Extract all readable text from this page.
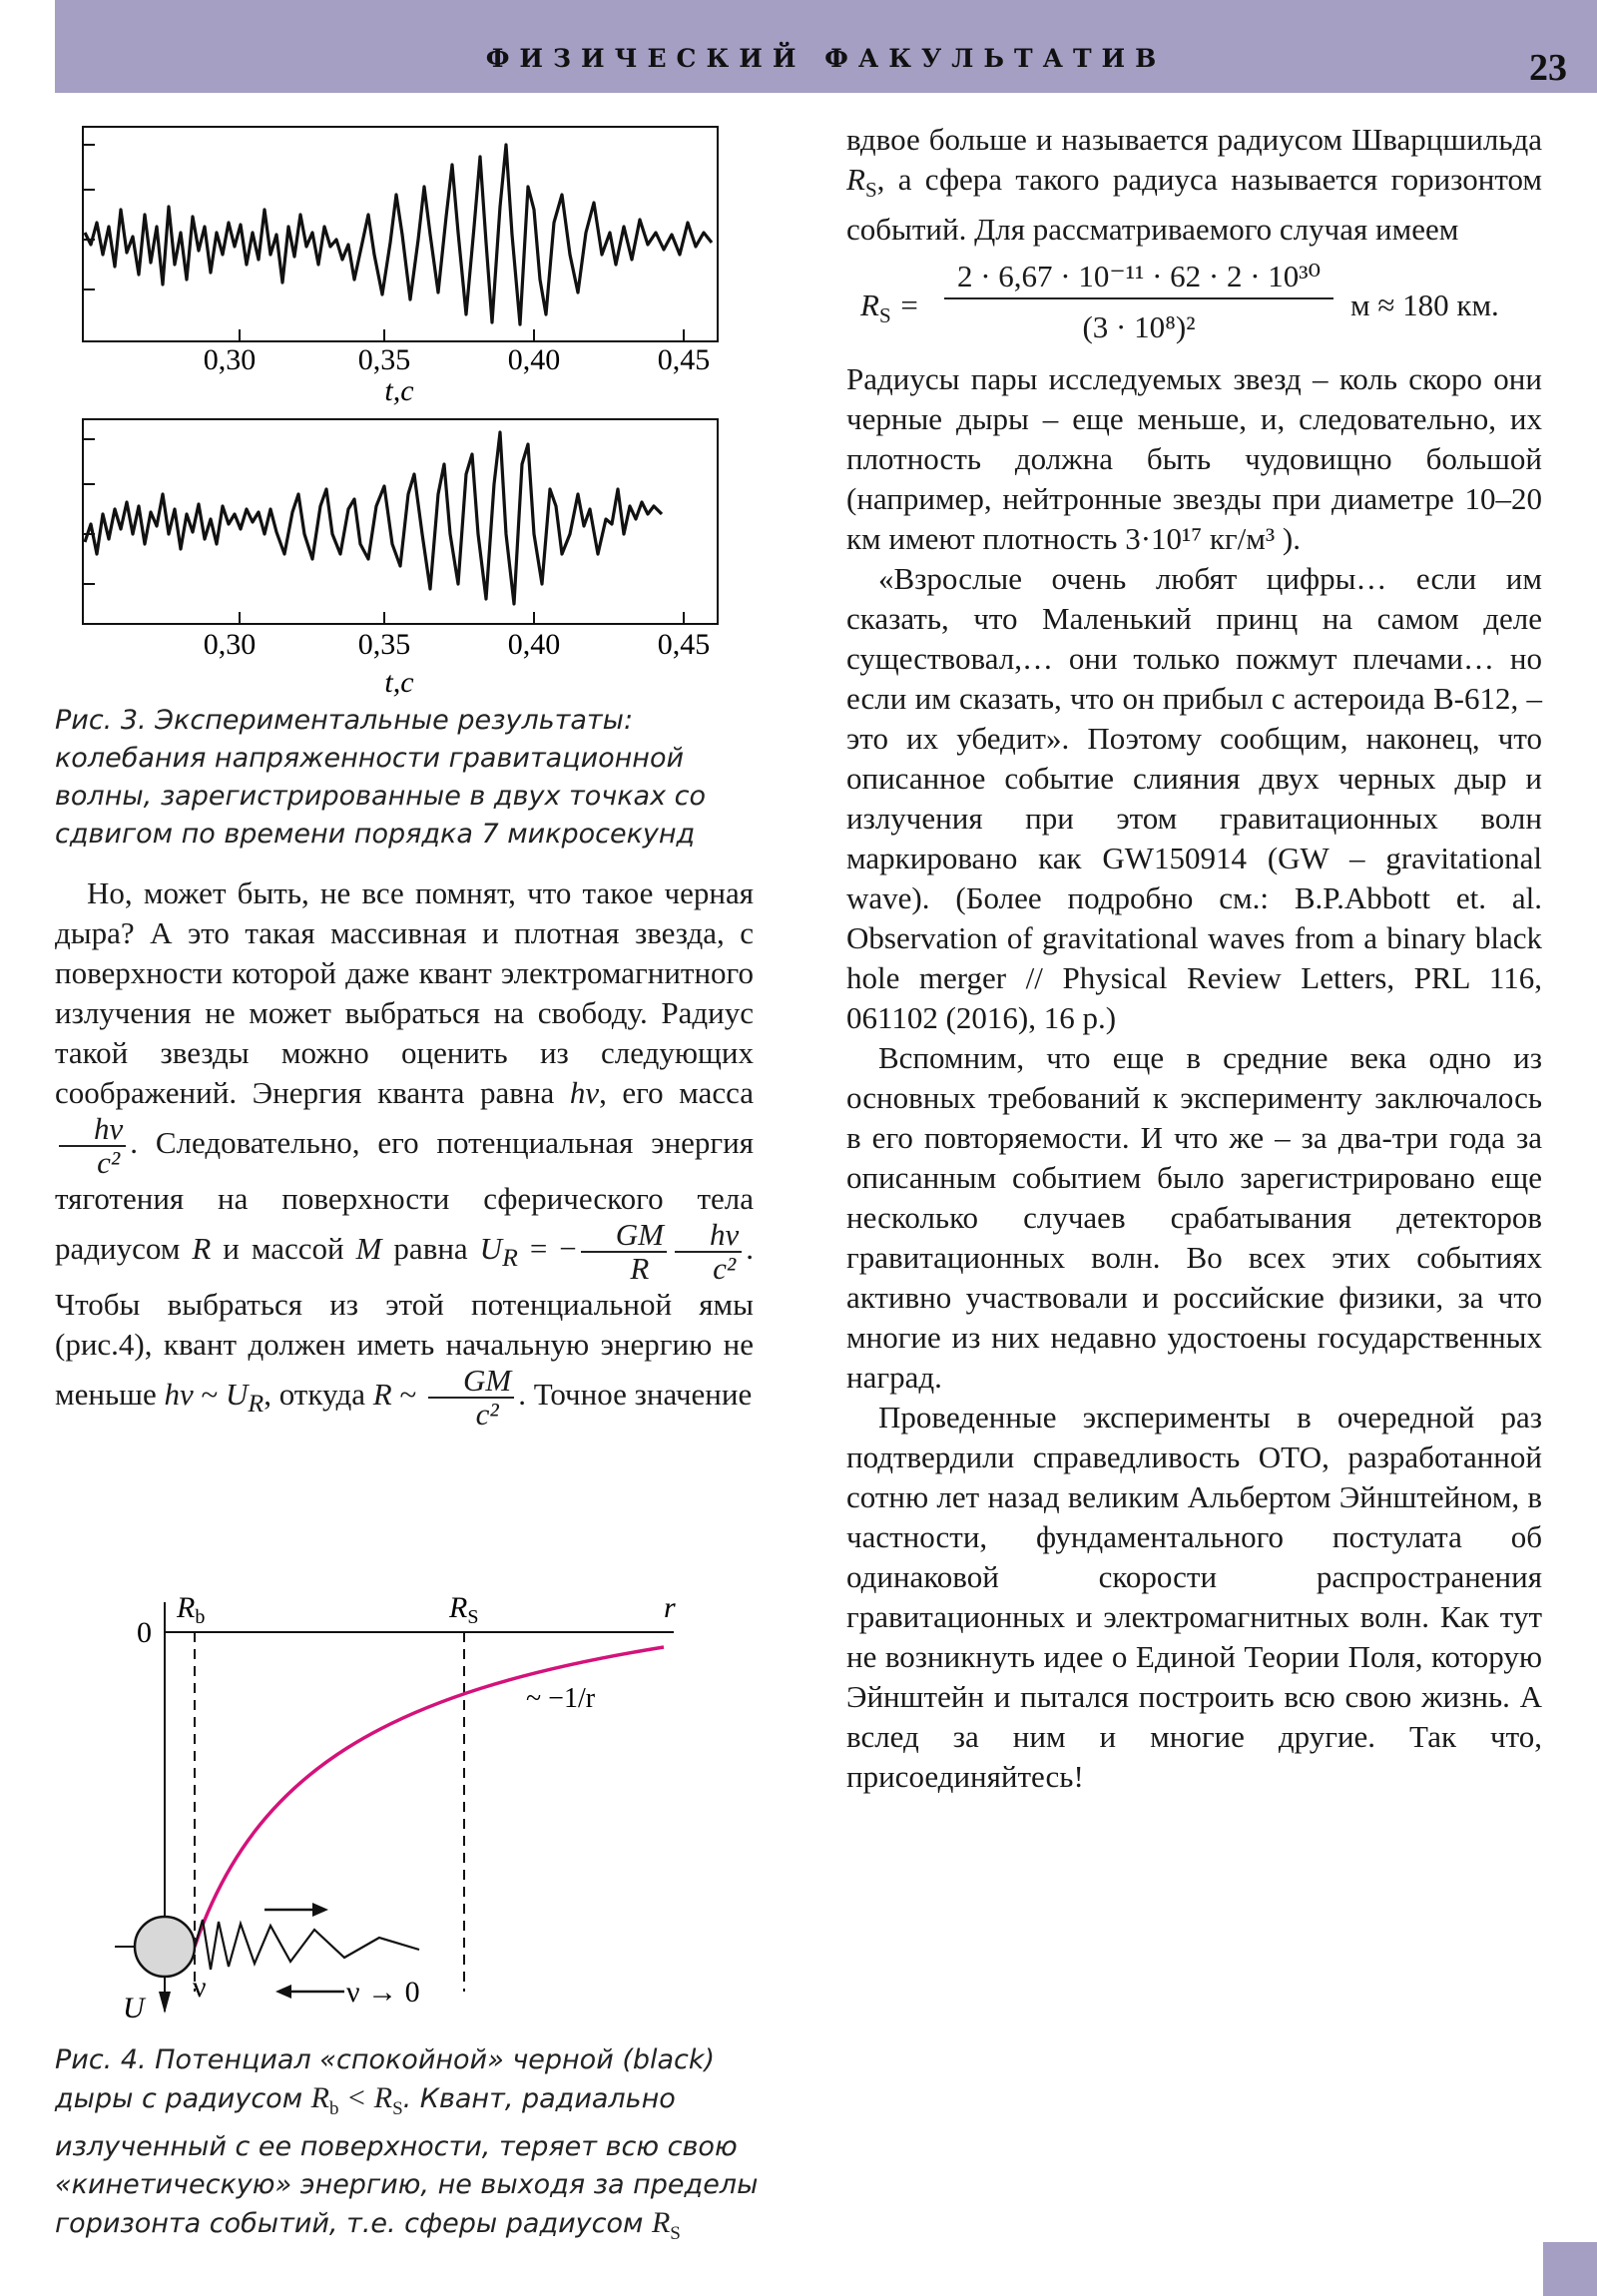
ФИЗИЧЕСКИЙ ФАКУЛЬТАТИВ	23
0,30	0,35	0,40	0,45
t,c
0,30	0,35	0,40	0,45
t,c
Рис. 3. Экспериментальные результаты: колебания напряженности гравитационной волны, зарегистрированные в двух точках со сдвигом по времени порядка 7 микросекунд

Но, может быть, не все помнят, что такое черная дыра? А это такая массивная и плотная звезда, с поверхности которой даже квант электромагнитного излучения не может выбраться на свободу. Радиус такой звезды можно оценить из следующих соображений. Энергия кванта равна hν, его масса
$\frac{h\nu}{\text{c²}}$ . Следовательно, его потенциальная энергия тяготения на поверхности сферического тела радиусом R и массой M равна $U_R$ = − $\frac{GM}{R} \frac{h\nu}{\text{c²}}$ . Чтобы выбраться из этой потенциальной ямы (рис.4), квант должен иметь начальную энергию не меньше hν ~ $U_R$, откуда R ~ $\frac{GM}{\text{c²}}$ . Точное значение

0
$R_b$	$R_S$	r
~ −1/r
U
ν	ν → 0
Рис. 4. Потенциал «спокойной» черной (black) дыры с радиусом $R_b < R_S$. Квант, радиально излученный с ее поверхности, теряет всю свою «кинетическую» энергию, не выходя за пределы горизонта событий, т.е. сферы радиусом $R_S$

вдвое больше и называется радиусом Шварцшильда $R_S$, а сфера такого радиуса называется горизонтом событий. Для рассматриваемого случая имеем

$R_S$ =
2 · 6,67 · 10⁻¹¹ · 62 · 2 · 10³⁰
(3 · 10⁸)²
м ≈ 180 км.

Радиусы пары исследуемых звезд – коль скоро они черные дыры – еще меньше, и, следовательно, их плотность должна быть чудовищно большой (например, нейтронные звезды при диаметре 10–20 км имеют плотность 3·10¹⁷ кг/м³ ).

«Взрослые очень любят цифры… если им сказать, что Маленький принц на самом деле существовал,… они только пожмут плечами… но если им сказать, что он прибыл с астероида B-612, – это их убедит». Поэтому сообщим, наконец, что описанное событие слияния двух черных дыр и излучения при этом гравитационных волн маркировано как GW150914 (GW – gravitational wave). (Более подробно см.: B.P.Abbott et. al. Observation of gravitational waves from a binary black hole merger // Physical Review Letters, PRL 116, 061102 (2016), 16 p.)

Вспомним, что еще в средние века одно из основных требований к эксперименту заключалось в его повторяемости. И что же – за два-три года за описанным событием было зарегистрировано еще несколько случаев срабатывания детекторов гравитационных волн. Во всех этих событиях активно участвовали и российские физики, за что многие из них недавно удостоены государственных наград.

Проведенные эксперименты в очередной раз подтвердили справедливость ОТО, разработанной сотню лет назад великим Альбертом Эйнштейном, в частности, фундаментального постулата об одинаковой скорости распространения гравитационных и электромагнитных волн. Как тут не возникнуть идее о Единой Теории Поля, которую Эйнштейн и пытался построить всю свою жизнь. А вслед за ним и многие другие. Так что, присоединяйтесь!
